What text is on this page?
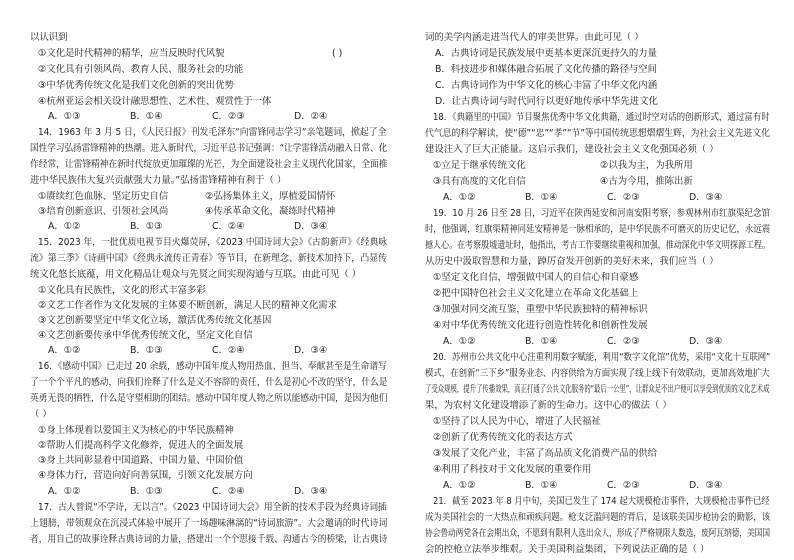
以认识到
①文化是时代精神的精华，应当反映时代风貌	( )
②文化具有引领风尚、教育人民、服务社会的功能
③中华优秀传统文化是我们文化创新的突出优势
④杭州亚运会相关设计融思想性、艺术性、观赏性于一体
A．①③	B．①④	C．②③	D．②④
14．1963 年 3 月 5 日，《人民日报》刊发毛泽东“向雷锋同志学习”亲笔题词，掀起了全
国性学习弘扬雷锋精神的热潮。进入新时代，习近平总书记强调：“让学雷锋活动融入日常、化
作经常，让雷锋精神在新时代绽放更加璀璨的光芒，为全面建设社会主义现代化国家，全面推
进中华民族伟大复兴贡献强大力量。”弘扬雷锋精神有利于（ ）
①赓续红色血脉、坚定历史自信	②弘扬集体主义，厚植爱国情怀
③培育创新意识、引领社会风尚	④传承革命文化，凝练时代精神
A．①②	B．①③	C．②④	D．③④
15．2023 年，一批优质电视节目火爆荧屏，《2023 中国诗词大会》《古韵新声》《经典咏
流》第三季》《诗画中国》《经典永流传正青春》等节目，在新理念、新技术加持下，凸显传
统文化悠长底蕴，用文化精品让观众与先贤之间实现沟通与互联。由此可见（ ）
①文化具有民族性，文化的形式丰富多彩
②文艺工作者作为文化发展的主体要不断创新，满足人民的精神文化需求
③文艺创新要坚定中华文化立场，激活优秀传统文化基因
④文艺创新要传承中华优秀传统文化，坚定文化自信
A．①②	B．①③	C．②④	D．③④
16．《感动中国》已走过 20 余载，感动中国年度人物用热血、担当、奉献甚至是生命谱写
了一个个平凡的感动，向我们诠释了什么是义不容辞的责任，什么是初心不改的坚守，什么是
英勇无畏的牺牲，什么是守望相助的团结。感动中国年度人物之所以能感动中国，是因为他们
（ ）
①身上体现着以爱国主义为核心的中华民族精神
②帮助人们提高科学文化修养，促进人的全面发展
③身上共同彰显着中国道路、中国力量、中国价值
④身体力行，营造向好向善氛围，引领文化发展方向
A．①②	B．①③	C．②④	D．③④
17．古人曾说“不学诗，无以言”。《2023 中国诗词大会》用全新的技术手段为经典诗词插
上翅膀，带领观众在沉浸式体验中展开了一场趣味淋漓的“诗词旅游”。大会邀请的时代诗词
者，用自己的故事诠释古典诗词的力量，搭建出一个个思接千载、沟通古今的桥梁，让古典诗
词的美学内涵走进当代人的审美世界。由此可见（ ）
A．古典诗词是民族发展中更基本更深沉更持久的力量
B．科技进步和媒体融合拓展了文化传播的路径与空间
C．古典诗词作为中华文化的核心丰富了中华文化内涵
D．让古典诗词与时代同行以更好地传承中华先进文化
18．《典籍里的中国》节目聚焦优秀中华文化典籍，通过时空对话的创新形式，通过富有时
代气息的科学解读，使“德”“忠”“孝”“节”等中国传统思想熠熠生辉，为社会主义先进文化
建设注入了巨大正能量。这启示我们，建设社会主义文化强国必须（ ）
①立足于继承传统文化	②以我为主，为我所用
③具有高度的文化自信	④古为今用，推陈出新
A．①②	B．①④	C．②③	D．③④
19．10 月 26 日至 28 日，习近平在陕西延安和河南安阳考察，参观林州市红旗渠纪念馆
时，他强调，红旗渠精神同延安精神是一脉相承的，是中华民族不可磨灭的历史记忆，永远震
撼人心。在考察殷墟遗址时，他指出，考古工作要继续重视和加强，推动深化中华文明探源工程。
从历史中汲取智慧和力量，踔厉奋发开创新的美好未来，我们应当（ ）
①坚定文化自信，增强做中国人的自信心和自豪感
②把中国特色社会主义文化建立在革命文化基础上
③加强对同交流互鉴，重塑中华民族独特的精神标识
④对中华优秀传统文化进行创造性转化和创新性发展
A．①②	B．①④	C．②③	D．③④
20．苏州市公共文化中心注重利用数字赋能，利用“数字文化馆”优势，采用“文化十互联网”
模式，在创新“三下乡”服务业态、内容供给为方面实现了线上线下有效联动，更加高效地扩大
了受众规模，提升了传播效果，真正打通了公共文化服务的“最后一公里”，让群众足不出户便可以享受到优质的文化艺术成
果，为农村文化建设增添了新的生命力。这中心的做法（ ）
①坚持了以人民为中心，增进了人民福祉
②创新了优秀传统文化的表达方式
③发展了文化产业，丰富了高品质文化消费产品的供给
④利用了科技对于文化发展的重要作用
A．①②	B．①④	C．②③	D．③④
21．截至 2023 年 8 月中旬，美国已发生了 174 起大规模枪击事件，大规模枪击事件已经
成为美国社会的一大热点和顽疾问题。枪支泛滥问题的背后，是该联美国步枪协会的勤影，该
协会鲁动两党各在会期出众，不愿到有限利人选出众人，形成了严格规限人数选，废阿瓦纳德，美国国
会的控枪立法举步维艰。关于美国利益集团，下列说法正确的是（ ）
